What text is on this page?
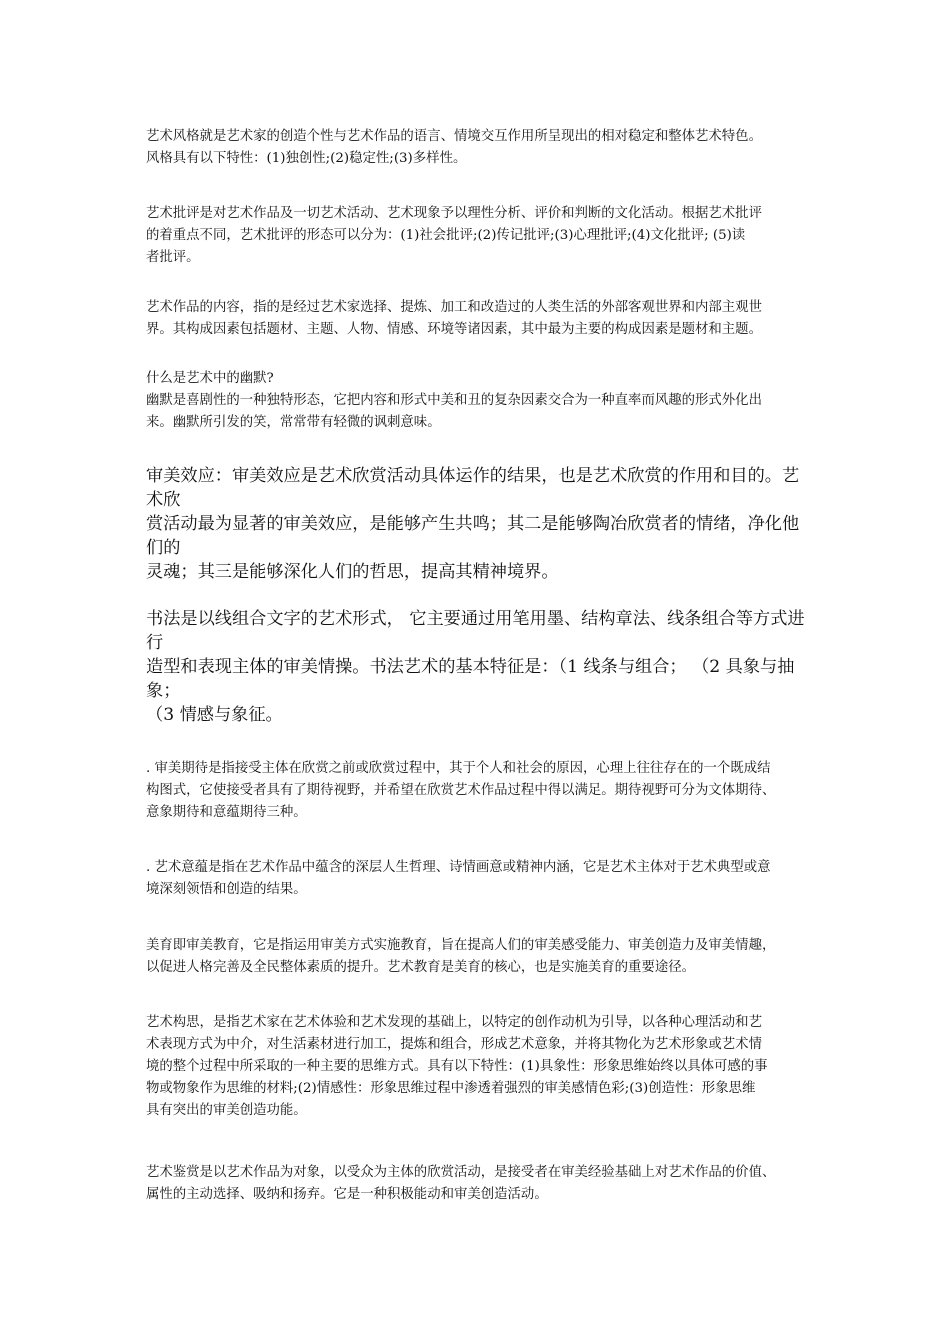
艺术风格就是艺术家的创造个性与艺术作品的语言、情境交互作用所呈现出的相对稳定和整体艺术特色。
风格具有以下特性：(1)独创性;(2)稳定性;(3)多样性。

艺术批评是对艺术作品及一切艺术活动、艺术现象予以理性分析、评价和判断的文化活动。根据艺术批评
的着重点不同，艺术批评的形态可以分为：(1)社会批评;(2)传记批评;(3)心理批评;(4)文化批评; (5)读
者批评。

艺术作品的内容，指的是经过艺术家选择、提炼、加工和改造过的人类生活的外部客观世界和内部主观世
界。其构成因素包括题材、主题、人物、情感、环境等诸因素，其中最为主要的构成因素是题材和主题。

什么是艺术中的幽默?
幽默是喜剧性的一种独特形态，它把内容和形式中美和丑的复杂因素交合为一种直率而风趣的形式外化出
来。幽默所引发的笑，常常带有轻微的讽刺意味。

审美效应：审美效应是艺术欣赏活动具体运作的结果，也是艺术欣赏的作用和目的。艺术欣
赏活动最为显著的审美效应，是能够产生共鸣；其二是能够陶冶欣赏者的情绪，净化他们的
灵魂；其三是能够深化人们的哲思，提高其精神境界。

书法是以线组合文字的艺术形式， 它主要通过用笔用墨、结构章法、线条组合等方式进行
造型和表现主体的审美情操。书法艺术的基本特征是：（1 线条与组合； （2 具象与抽象；
（3 情感与象征。

. 审美期待是指接受主体在欣赏之前或欣赏过程中，其于个人和社会的原因，心理上往往存在的一个既成结
构图式，它使接受者具有了期待视野，并希望在欣赏艺术作品过程中得以满足。期待视野可分为文体期待、
意象期待和意蕴期待三种。

. 艺术意蕴是指在艺术作品中蕴含的深层人生哲理、诗情画意或精神内涵，它是艺术主体对于艺术典型或意
境深刻领悟和创造的结果。

美育即审美教育，它是指运用审美方式实施教育，旨在提高人们的审美感受能力、审美创造力及审美情趣，
以促进人格完善及全民整体素质的提升。艺术教育是美育的核心，也是实施美育的重要途径。

艺术构思，是指艺术家在艺术体验和艺术发现的基础上，以特定的创作动机为引导，以各种心理活动和艺
术表现方式为中介，对生活素材进行加工，提炼和组合，形成艺术意象，并将其物化为艺术形象或艺术情
境的整个过程中所采取的一种主要的思维方式。具有以下特性：(1)具象性：形象思维始终以具体可感的事
物或物象作为思维的材料;(2)情感性：形象思维过程中渗透着强烈的审美感情色彩;(3)创造性：形象思维
具有突出的审美创造功能。

艺术鉴赏是以艺术作品为对象，以受众为主体的欣赏活动，是接受者在审美经验基础上对艺术作品的价值、
属性的主动选择、吸纳和扬弃。它是一种积极能动和审美创造活动。
